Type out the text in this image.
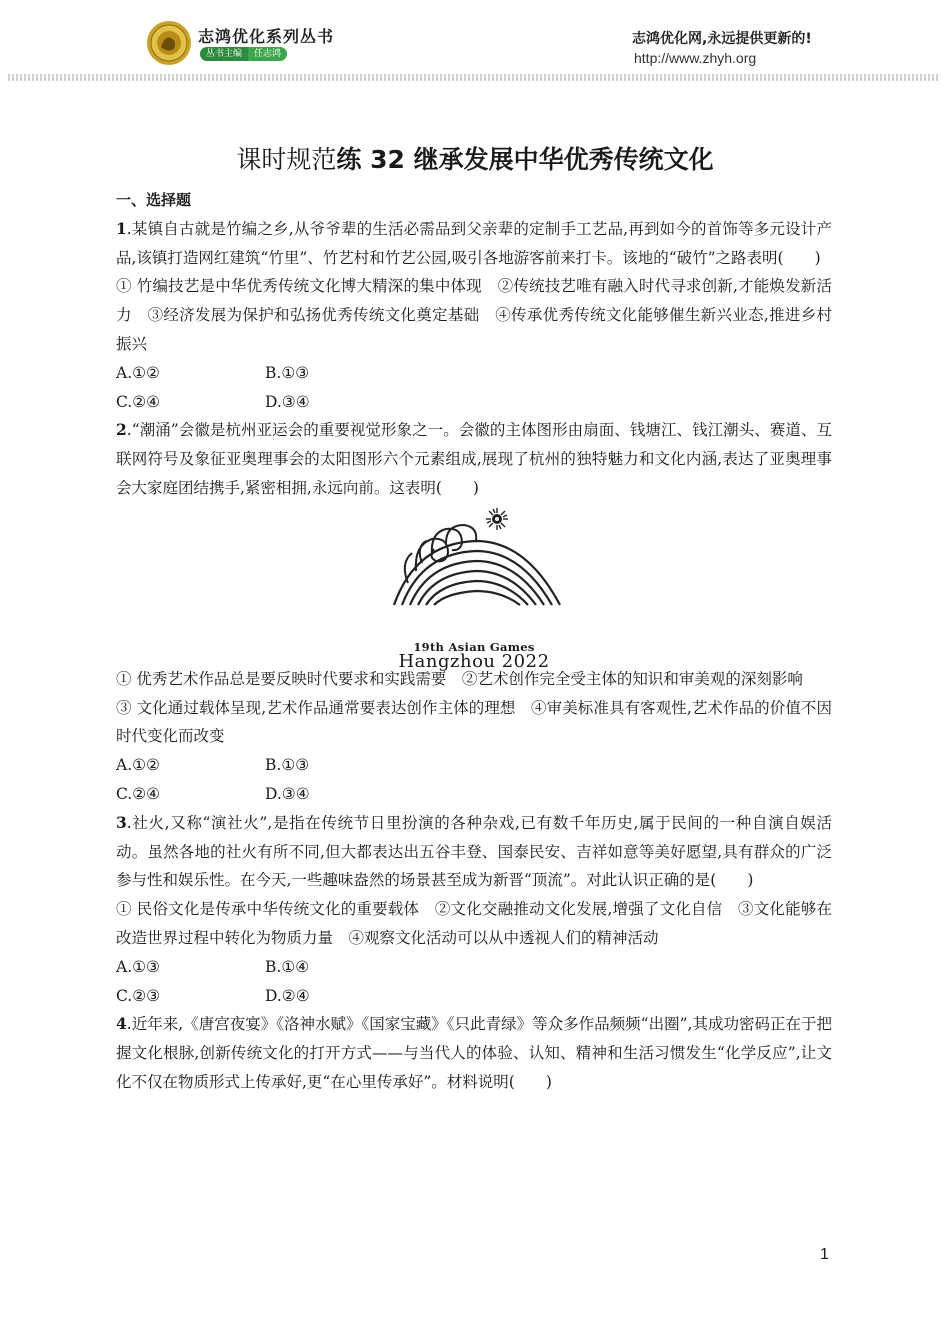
志鸿优化系列丛书
丛书主编	任志鸿
志鸿优化网,永远提供更新的!
http://www.zhyh.org
课时规范练 32 继承发展中华优秀传统文化

一、选择题

1.某镇自古就是竹编之乡,从爷爷辈的生活必需品到父亲辈的定制手工艺品,再到如今的首饰等多元设计产品,该镇打造网红建筑“竹里”、竹艺村和竹艺公园,吸引各地游客前来打卡。该地的“破竹”之路表明(　　)

① 竹编技艺是中华优秀传统文化博大精深的集中体现　②传统技艺唯有融入时代寻求创新,才能焕发新活力　③经济发展为保护和弘扬优秀传统文化奠定基础　④传承优秀传统文化能够催生新兴业态,推进乡村振兴

A.①②	B.①③
C.②④	D.③④

2.“潮涌”会徽是杭州亚运会的重要视觉形象之一。会徽的主体图形由扇面、钱塘江、钱江潮头、赛道、互联网符号及象征亚奥理事会的太阳图形六个元素组成,展现了杭州的独特魅力和文化内涵,表达了亚奥理事会大家庭团结携手,紧密相拥,永远向前。这表明(　　)

19th Asian Games
Hangzhou 2022

① 优秀艺术作品总是要反映时代要求和实践需要　②艺术创作完全受主体的知识和审美观的深刻影响

③ 文化通过载体呈现,艺术作品通常要表达创作主体的理想　④审美标准具有客观性,艺术作品的价值不因时代变化而改变

A.①②	B.①③
C.②④	D.③④

3.社火,又称“演社火”,是指在传统节日里扮演的各种杂戏,已有数千年历史,属于民间的一种自演自娱活动。虽然各地的社火有所不同,但大都表达出五谷丰登、国泰民安、吉祥如意等美好愿望,具有群众的广泛参与性和娱乐性。在今天,一些趣味盎然的场景甚至成为新晋“顶流”。对此认识正确的是(　　)

① 民俗文化是传承中华传统文化的重要载体　②文化交融推动文化发展,增强了文化自信　③文化能够在改造世界过程中转化为物质力量　④观察文化活动可以从中透视人们的精神活动

A.①③	B.①④
C.②③	D.②④

4.近年来,《唐宫夜宴》《洛神水赋》《国家宝藏》《只此青绿》等众多作品频频“出圈”,其成功密码正在于把握文化根脉,创新传统文化的打开方式——与当代人的体验、认知、精神和生活习惯发生“化学反应”,让文化不仅在物质形式上传承好,更“在心里传承好”。材料说明(　　)

1
